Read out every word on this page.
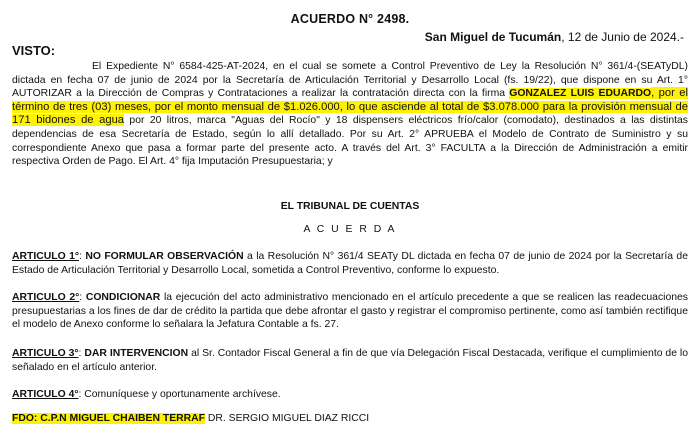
ACUERDO N° 2498.
San Miguel de Tucumán, 12 de Junio de 2024.-
VISTO:

El Expediente N° 6584-425-AT-2024, en el cual se somete a Control Preventivo de Ley la Resolución N° 361/4-(SEATyDL) dictada en fecha 07 de junio de 2024 por la Secretaría de Articulación Territorial y Desarrollo Local (fs. 19/22), que dispone en su Art. 1° AUTORIZAR a la Dirección de Compras y Contrataciones a realizar la contratación directa con la firma GONZALEZ LUIS EDUARDO, por el término de tres (03) meses, por el monto mensual de $1.026.000, lo que asciende al total de $3.078.000 para la provisión mensual de 171 bidones de agua por 20 litros, marca "Aguas del Rocío" y 18 dispensers eléctricos frío/calor (comodato), destinados a las distintas dependencias de esa Secretaría de Estado, según lo allí detallado. Por su Art. 2° APRUEBA el Modelo de Contrato de Suministro y su correspondiente Anexo que pasa a formar parte del presente acto. A través del Art. 3° FACULTA a la Dirección de Administración a emitir respectiva Orden de Pago. El Art. 4° fija Imputación Presupuestaria; y

EL TRIBUNAL DE CUENTAS
A C U E R D A

ARTICULO 1°: NO FORMULAR OBSERVACIÓN a la Resolución N° 361/4 SEATy DL dictada en fecha 07 de junio de 2024 por la Secretaría de Estado de Articulación Territorial y Desarrollo Local, sometida a Control Preventivo, conforme lo expuesto.

ARTICULO 2°: CONDICIONAR la ejecución del acto administrativo mencionado en el artículo precedente a que se realicen las readecuaciones presupuestarias a los fines de dar de crédito la partida que debe afrontar el gasto y registrar el compromiso pertinente, como así también rectifique el modelo de Anexo conforme lo señalara la Jefatura Contable a fs. 27.

ARTICULO 3°: DAR INTERVENCION al Sr. Contador Fiscal General a fin de que vía Delegación Fiscal Destacada, verifique el cumplimiento de lo señalado en el artículo anterior.

ARTICULO 4°: Comuníquese y oportunamente archívese.

FDO: C.P.N MIGUEL CHAIBEN TERRAF DR. SERGIO MIGUEL DIAZ RICCI
